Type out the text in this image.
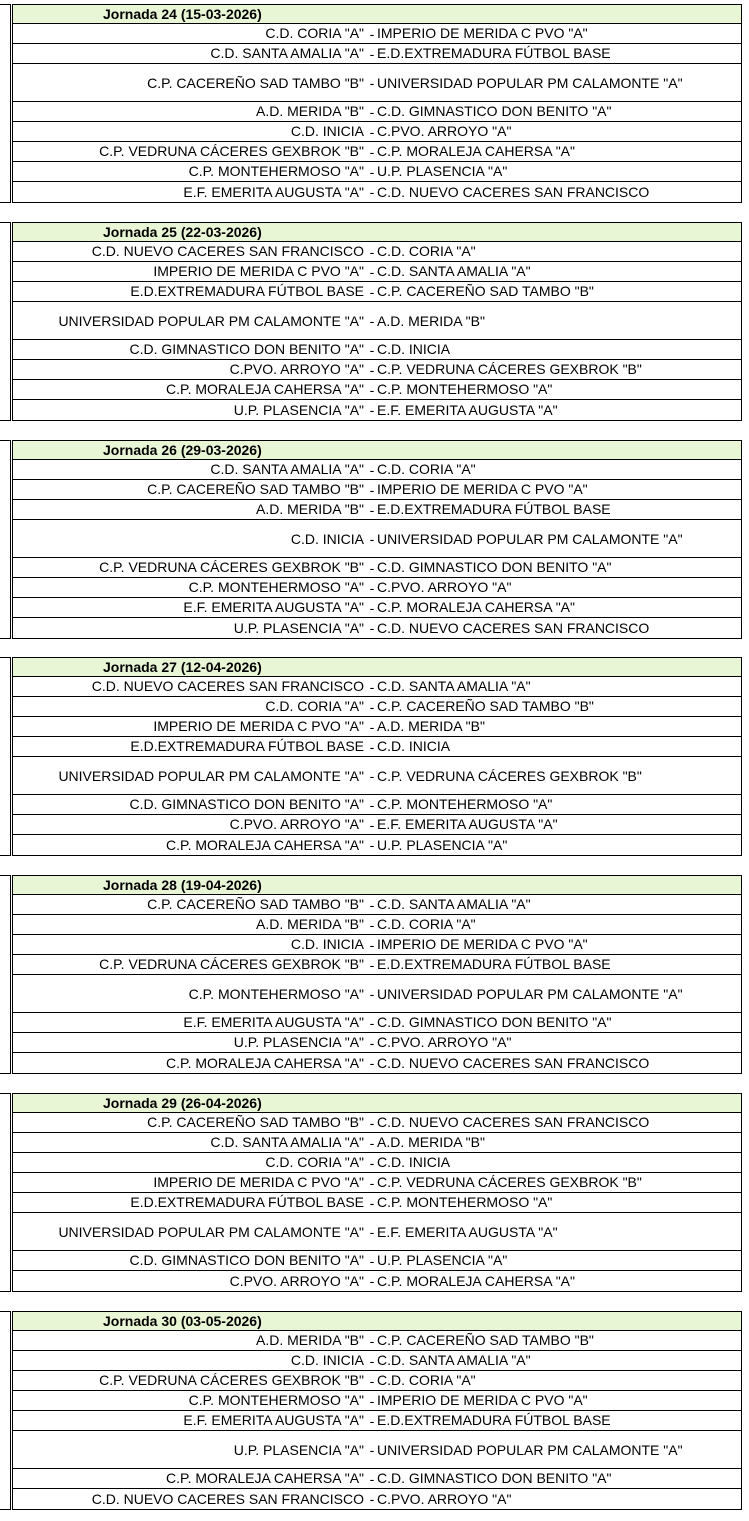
Jornada 24 (15-03-2026)
C.D. CORIA "A" - IMPERIO DE MERIDA C PVO "A"
C.D. SANTA AMALIA "A" - E.D.EXTREMADURA FÚTBOL BASE
C.P. CACEREÑO SAD TAMBO "B" - UNIVERSIDAD POPULAR PM CALAMONTE "A"
A.D. MERIDA "B" - C.D. GIMNASTICO DON BENITO "A"
C.D. INICIA - C.PVO. ARROYO "A"
C.P. VEDRUNA CÁCERES GEXBROK "B" - C.P. MORALEJA CAHERSA "A"
C.P. MONTEHERMOSO "A" - U.P. PLASENCIA "A"
E.F. EMERITA AUGUSTA "A" - C.D. NUEVO CACERES SAN FRANCISCO
Jornada 25 (22-03-2026)
C.D. NUEVO CACERES SAN FRANCISCO - C.D. CORIA "A"
IMPERIO DE MERIDA C PVO "A" - C.D. SANTA AMALIA "A"
E.D.EXTREMADURA FÚTBOL BASE - C.P. CACEREÑO SAD TAMBO "B"
UNIVERSIDAD POPULAR PM CALAMONTE "A" - A.D. MERIDA "B"
C.D. GIMNASTICO DON BENITO "A" - C.D. INICIA
C.PVO. ARROYO "A" - C.P. VEDRUNA CÁCERES GEXBROK "B"
C.P. MORALEJA CAHERSA "A" - C.P. MONTEHERMOSO "A"
U.P. PLASENCIA "A" - E.F. EMERITA AUGUSTA "A"
Jornada 26 (29-03-2026)
C.D. SANTA AMALIA "A" - C.D. CORIA "A"
C.P. CACEREÑO SAD TAMBO "B" - IMPERIO DE MERIDA C PVO "A"
A.D. MERIDA "B" - E.D.EXTREMADURA FÚTBOL BASE
C.D. INICIA - UNIVERSIDAD POPULAR PM CALAMONTE "A"
C.P. VEDRUNA CÁCERES GEXBROK "B" - C.D. GIMNASTICO DON BENITO "A"
C.P. MONTEHERMOSO "A" - C.PVO. ARROYO "A"
E.F. EMERITA AUGUSTA "A" - C.P. MORALEJA CAHERSA "A"
U.P. PLASENCIA "A" - C.D. NUEVO CACERES SAN FRANCISCO
Jornada 27 (12-04-2026)
C.D. NUEVO CACERES SAN FRANCISCO - C.D. SANTA AMALIA "A"
C.D. CORIA "A" - C.P. CACEREÑO SAD TAMBO "B"
IMPERIO DE MERIDA C PVO "A" - A.D. MERIDA "B"
E.D.EXTREMADURA FÚTBOL BASE - C.D. INICIA
UNIVERSIDAD POPULAR PM CALAMONTE "A" - C.P. VEDRUNA CÁCERES GEXBROK "B"
C.D. GIMNASTICO DON BENITO "A" - C.P. MONTEHERMOSO "A"
C.PVO. ARROYO "A" - E.F. EMERITA AUGUSTA "A"
C.P. MORALEJA CAHERSA "A" - U.P. PLASENCIA "A"
Jornada 28 (19-04-2026)
C.P. CACEREÑO SAD TAMBO "B" - C.D. SANTA AMALIA "A"
A.D. MERIDA "B" - C.D. CORIA "A"
C.D. INICIA - IMPERIO DE MERIDA C PVO "A"
C.P. VEDRUNA CÁCERES GEXBROK "B" - E.D.EXTREMADURA FÚTBOL BASE
C.P. MONTEHERMOSO "A" - UNIVERSIDAD POPULAR PM CALAMONTE "A"
E.F. EMERITA AUGUSTA "A" - C.D. GIMNASTICO DON BENITO "A"
U.P. PLASENCIA "A" - C.PVO. ARROYO "A"
C.P. MORALEJA CAHERSA "A" - C.D. NUEVO CACERES SAN FRANCISCO
Jornada 29 (26-04-2026)
C.P. CACEREÑO SAD TAMBO "B" - C.D. NUEVO CACERES SAN FRANCISCO
C.D. SANTA AMALIA "A" - A.D. MERIDA "B"
C.D. CORIA "A" - C.D. INICIA
IMPERIO DE MERIDA C PVO "A" - C.P. VEDRUNA CÁCERES GEXBROK "B"
E.D.EXTREMADURA FÚTBOL BASE - C.P. MONTEHERMOSO "A"
UNIVERSIDAD POPULAR PM CALAMONTE "A" - E.F. EMERITA AUGUSTA "A"
C.D. GIMNASTICO DON BENITO "A" - U.P. PLASENCIA "A"
C.PVO. ARROYO "A" - C.P. MORALEJA CAHERSA "A"
Jornada 30 (03-05-2026)
A.D. MERIDA "B" - C.P. CACEREÑO SAD TAMBO "B"
C.D. INICIA - C.D. SANTA AMALIA "A"
C.P. VEDRUNA CÁCERES GEXBROK "B" - C.D. CORIA "A"
C.P. MONTEHERMOSO "A" - IMPERIO DE MERIDA C PVO "A"
E.F. EMERITA AUGUSTA "A" - E.D.EXTREMADURA FÚTBOL BASE
U.P. PLASENCIA "A" - UNIVERSIDAD POPULAR PM CALAMONTE "A"
C.P. MORALEJA CAHERSA "A" - C.D. GIMNASTICO DON BENITO "A"
C.D. NUEVO CACERES SAN FRANCISCO - C.PVO. ARROYO "A"
